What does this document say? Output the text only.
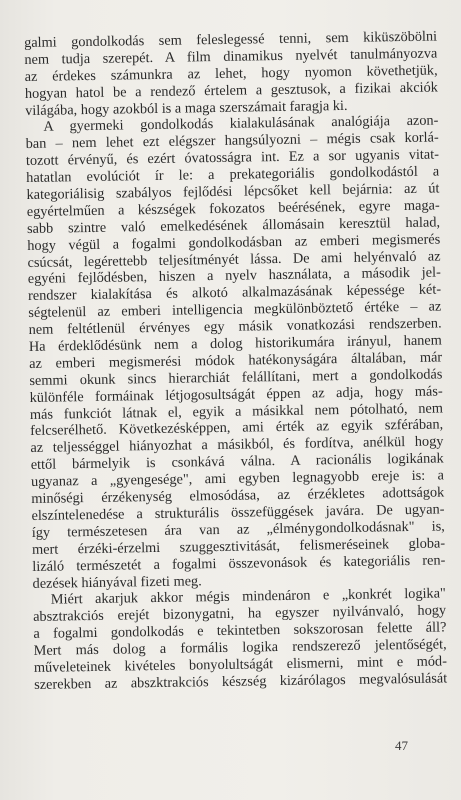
galmi gondolkodás sem feleslegessé tenni, sem kiküszöbölni
nem tudja szerepét. A film dinamikus nyelvét tanulmányozva
az érdekes számunkra az lehet, hogy nyomon követhetjük,
hogyan hatol be a rendező értelem a gesztusok, a fizikai akciók
világába, hogy azokból is a maga szerszámait faragja ki.
A gyermeki gondolkodás kialakulásának analógiája azon-
ban – nem lehet ezt elégszer hangsúlyozni – mégis csak korlá-
tozott érvényű, és ezért óvatosságra int. Ez a sor ugyanis vitat-
hatatlan evolúciót ír le: a prekategoriális gondolkodástól a
kategoriálisig szabályos fejlődési lépcsőket kell bejárnia: az út
egyértelműen a készségek fokozatos beérésének, egyre maga-
sabb szintre való emelkedésének állomásain keresztül halad,
hogy végül a fogalmi gondolkodásban az emberi megismerés
csúcsát, legérettebb teljesítményét lássa. De ami helyénvaló az
egyéni fejlődésben, hiszen a nyelv használata, a második jel-
rendszer kialakítása és alkotó alkalmazásának képessége két-
ségtelenül az emberi intelligencia megkülönböztető értéke – az
nem feltétlenül érvényes egy másik vonatkozási rendszerben.
Ha érdeklődésünk nem a dolog historikumára irányul, hanem
az emberi megismerési módok hatékonyságára általában, már
semmi okunk sincs hierarchiát felállítani, mert a gondolkodás
különféle formáinak létjogosultságát éppen az adja, hogy más-
más funkciót látnak el, egyik a másikkal nem pótolható, nem
felcserélhető. Következésképpen, ami érték az egyik szférában,
az teljességgel hiányozhat a másikból, és fordítva, anélkül hogy
ettől bármelyik is csonkává válna. A racionális logikának
ugyanaz a „gyengesége", ami egyben legnagyobb ereje is: a
minőségi érzékenység elmosódása, az érzékletes adottságok
elszíntelenedése a strukturális összefüggések javára. De ugyan-
így természetesen ára van az „élménygondolkodásnak" is,
mert érzéki-érzelmi szuggesztivitását, felismeréseinek globa-
lizáló természetét a fogalmi összevonások és kategoriális ren-
dezések hiányával fizeti meg.
Miért akarjuk akkor mégis mindenáron e „konkrét logika"
absztrakciós erejét bizonygatni, ha egyszer nyilvánvaló, hogy
a fogalmi gondolkodás e tekintetben sokszorosan felette áll?
Mert más dolog a formális logika rendszerező jelentőségét,
műveleteinek kivételes bonyolultságát elismerni, mint e mód-
szerekben az abszktrakciós készség kizárólagos megvalósulását
47
